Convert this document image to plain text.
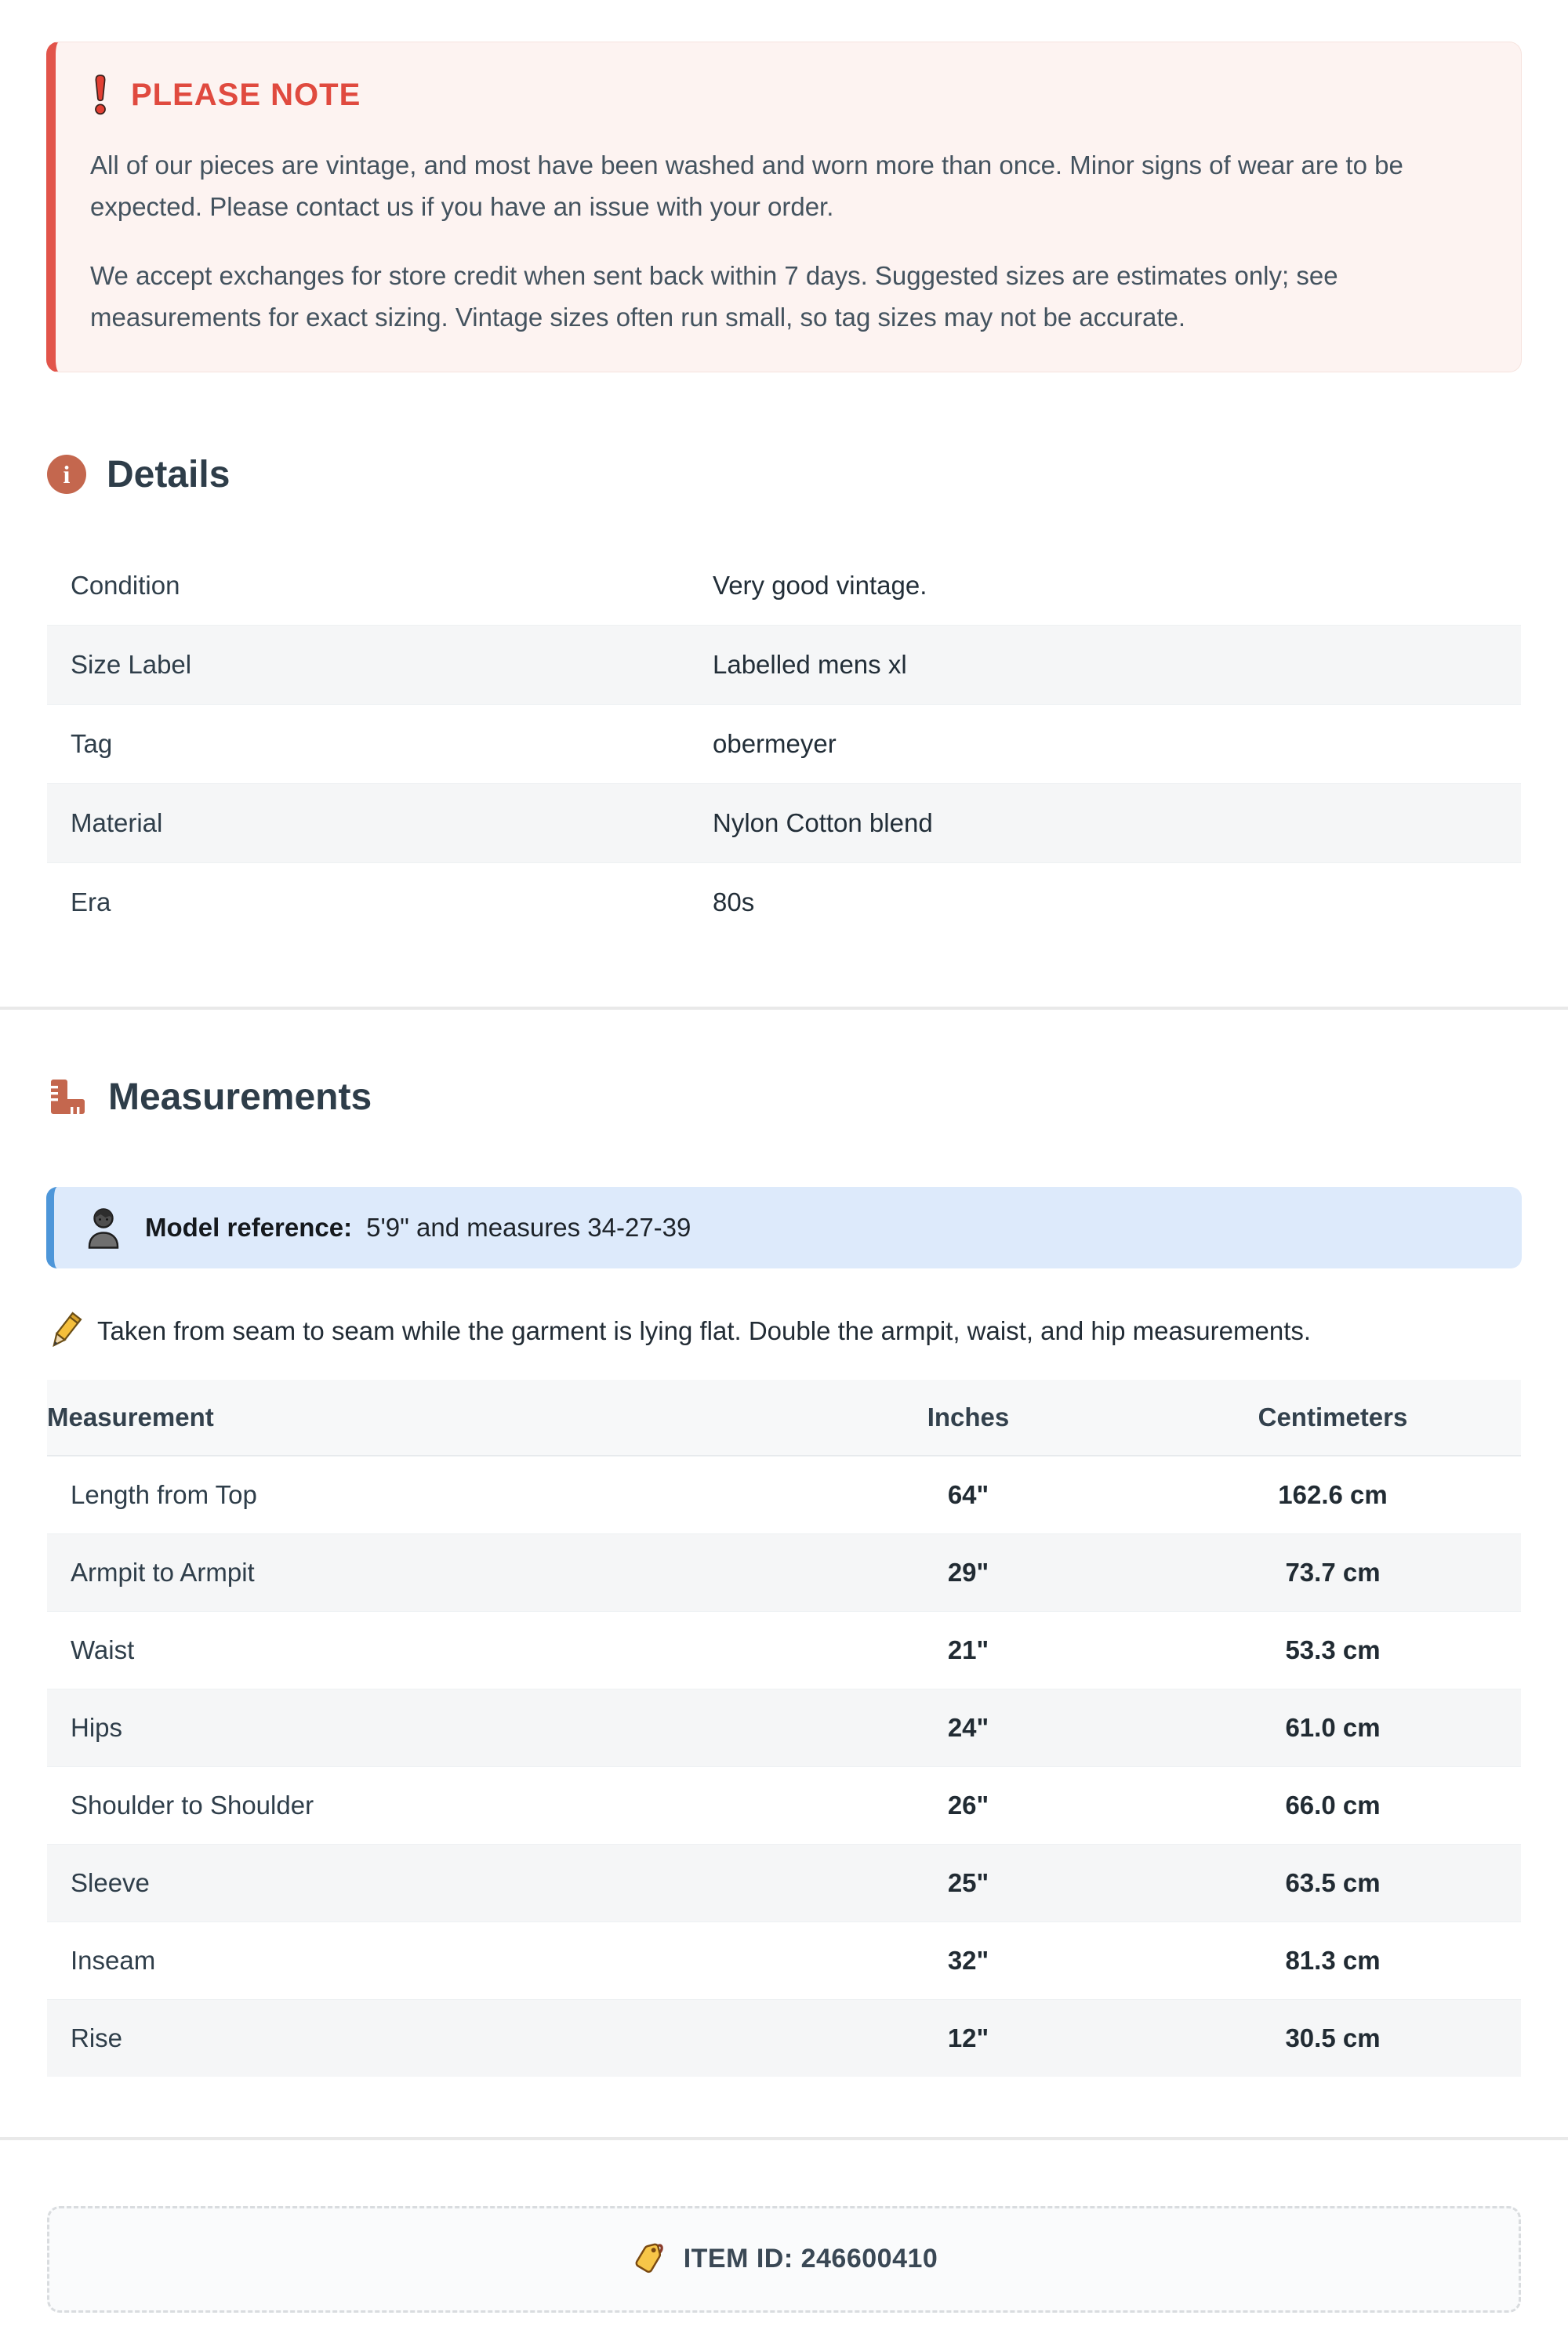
PLEASE NOTE

All of our pieces are vintage, and most have been washed and worn more than once. Minor signs of wear are to be expected. Please contact us if you have an issue with your order.

We accept exchanges for store credit when sent back within 7 days. Suggested sizes are estimates only; see measurements for exact sizing. Vintage sizes often run small, so tag sizes may not be accurate.

i Details
Condition	Very good vintage.
Size Label	Labelled mens xl
Tag	obermeyer
Material	Nylon Cotton blend
Era	80s
Measurements
Model reference: 5'9" and measures 34-27-39
Taken from seam to seam while the garment is lying flat. Double the armpit, waist, and hip measurements.
Measurement	Inches	Centimeters
Length from Top	64"	162.6 cm
Armpit to Armpit	29"	73.7 cm
Waist	21"	53.3 cm
Hips	24"	61.0 cm
Shoulder to Shoulder	26"	66.0 cm
Sleeve	25"	63.5 cm
Inseam	32"	81.3 cm
Rise	12"	30.5 cm
ITEM ID: 246600410
